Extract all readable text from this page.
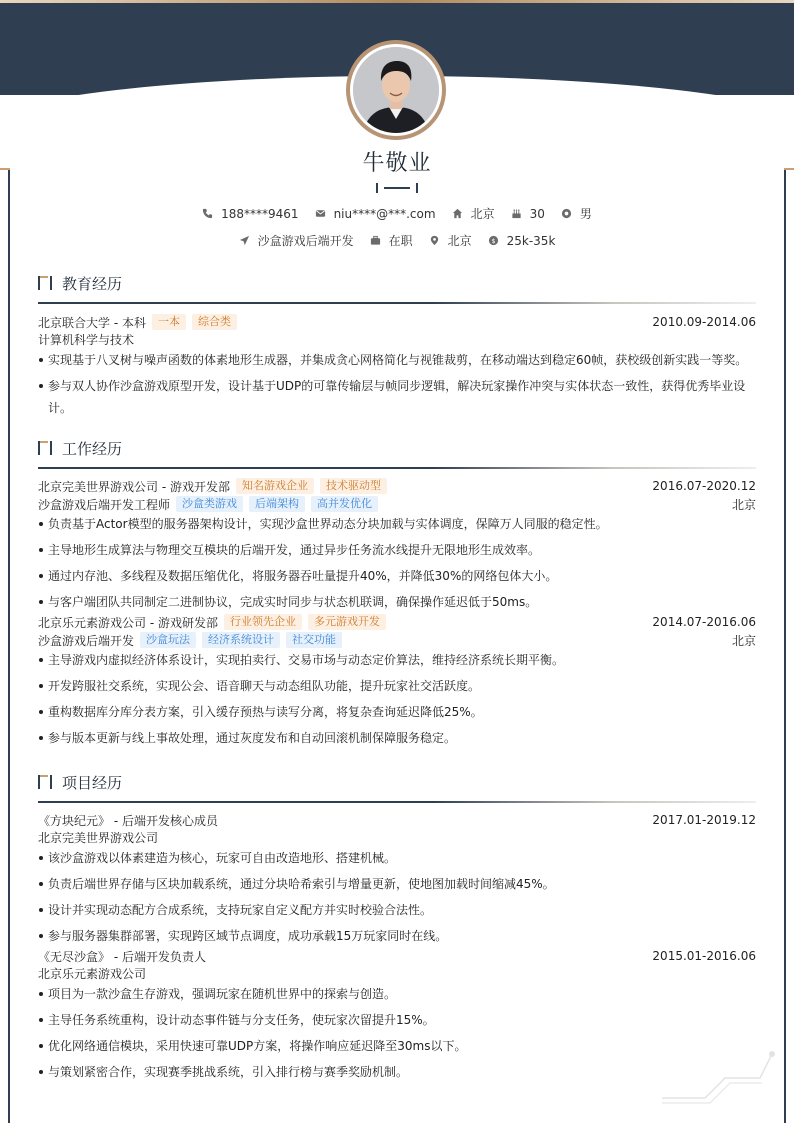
牛敬业
188****9461	niu****@***.com	北京	30	男
沙盒游戏后端开发	在职	北京	$ 25k-35k
教育经历
北京联合大学 - 本科	一本	综合类	2010.09-2014.06
计算机科学与技术
实现基于八叉树与噪声函数的体素地形生成器，并集成贪心网格简化与视锥裁剪，在移动端达到稳定60帧，获校级创新实践一等奖。
参与双人协作沙盒游戏原型开发，设计基于UDP的可靠传输层与帧同步逻辑，解决玩家操作冲突与实体状态一致性，获得优秀毕业设计。
工作经历
北京完美世界游戏公司 - 游戏开发部	知名游戏企业	技术驱动型	2016.07-2020.12
沙盒游戏后端开发工程师	沙盒类游戏	后端架构	高并发优化	北京
负责基于Actor模型的服务器架构设计，实现沙盒世界动态分块加载与实体调度，保障万人同服的稳定性。
主导地形生成算法与物理交互模块的后端开发，通过异步任务流水线提升无限地形生成效率。
通过内存池、多线程及数据压缩优化，将服务器吞吐量提升40%，并降低30%的网络包体大小。
与客户端团队共同制定二进制协议，完成实时同步与状态机联调，确保操作延迟低于50ms。
北京乐元素游戏公司 - 游戏研发部	行业领先企业	多元游戏开发	2014.07-2016.06
沙盒游戏后端开发	沙盒玩法	经济系统设计	社交功能	北京
主导游戏内虚拟经济体系设计，实现拍卖行、交易市场与动态定价算法，维持经济系统长期平衡。
开发跨服社交系统，实现公会、语音聊天与动态组队功能，提升玩家社交活跃度。
重构数据库分库分表方案，引入缓存预热与读写分离，将复杂查询延迟降低25%。
参与版本更新与线上事故处理，通过灰度发布和自动回滚机制保障服务稳定。
项目经历
《方块纪元》 - 后端开发核心成员	2017.01-2019.12
北京完美世界游戏公司
该沙盒游戏以体素建造为核心，玩家可自由改造地形、搭建机械。
负责后端世界存储与区块加载系统，通过分块哈希索引与增量更新，使地图加载时间缩减45%。
设计并实现动态配方合成系统，支持玩家自定义配方并实时校验合法性。
参与服务器集群部署，实现跨区域节点调度，成功承载15万玩家同时在线。
《无尽沙盒》 - 后端开发负责人	2015.01-2016.06
北京乐元素游戏公司
项目为一款沙盒生存游戏，强调玩家在随机世界中的探索与创造。
主导任务系统重构，设计动态事件链与分支任务，使玩家次留提升15%。
优化网络通信模块，采用快速可靠UDP方案，将操作响应延迟降至30ms以下。
与策划紧密合作，实现赛季挑战系统，引入排行榜与赛季奖励机制。
